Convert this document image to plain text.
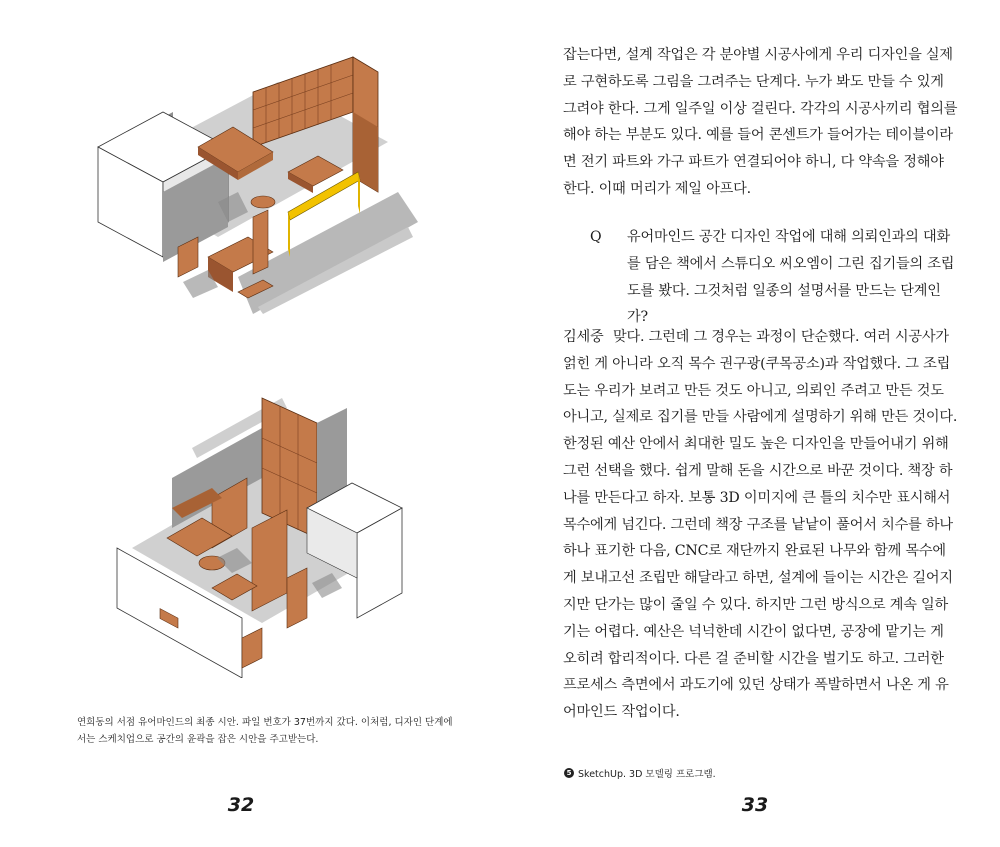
연희동의 서점 유어마인드의 최종 시안. 파일 번호가 37번까지 갔다. 이처럼, 디자인 단계에서는 스케치업으로 공간의 윤곽을 잡은 시안을 주고받는다.

32

잡는다면, 설계 작업은 각 분야별 시공사에게 우리 디자인을 실제로 구현하도록 그림을 그려주는 단계다. 누가 봐도 만들 수 있게 그려야 한다. 그게 일주일 이상 걸린다. 각각의 시공사끼리 협의를 해야 하는 부분도 있다. 예를 들어 콘센트가 들어가는 테이블이라면 전기 파트와 가구 파트가 연결되어야 하니, 다 약속을 정해야 한다. 이때 머리가 제일 아프다.

Q 유어마인드 공간 디자인 작업에 대해 의뢰인과의 대화를 담은 책에서 스튜디오 씨오엠이 그린 집기들의 조립도를 봤다. 그것처럼 일종의 설명서를 만드는 단계인가?

김세중 맞다. 그런데 그 경우는 과정이 단순했다. 여러 시공사가 얽힌 게 아니라 오직 목수 권구광(쿠목공소)과 작업했다. 그 조립도는 우리가 보려고 만든 것도 아니고, 의뢰인 주려고 만든 것도 아니고, 실제로 집기를 만들 사람에게 설명하기 위해 만든 것이다. 한정된 예산 안에서 최대한 밀도 높은 디자인을 만들어내기 위해 그런 선택을 했다. 쉽게 말해 돈을 시간으로 바꾼 것이다. 책장 하나를 만든다고 하자. 보통 3D 이미지에 큰 틀의 치수만 표시해서 목수에게 넘긴다. 그런데 책장 구조를 낱낱이 풀어서 치수를 하나하나 표기한 다음, CNC로 재단까지 완료된 나무와 함께 목수에게 보내고선 조립만 해달라고 하면, 설계에 들이는 시간은 길어지지만 단가는 많이 줄일 수 있다. 하지만 그런 방식으로 계속 일하기는 어렵다. 예산은 넉넉한데 시간이 없다면, 공장에 맡기는 게 오히려 합리적이다. 다른 걸 준비할 시간을 벌기도 하고. 그러한 프로세스 측면에서 과도기에 있던 상태가 폭발하면서 나온 게 유어마인드 작업이다.

5 SketchUp. 3D 모델링 프로그램.
33
